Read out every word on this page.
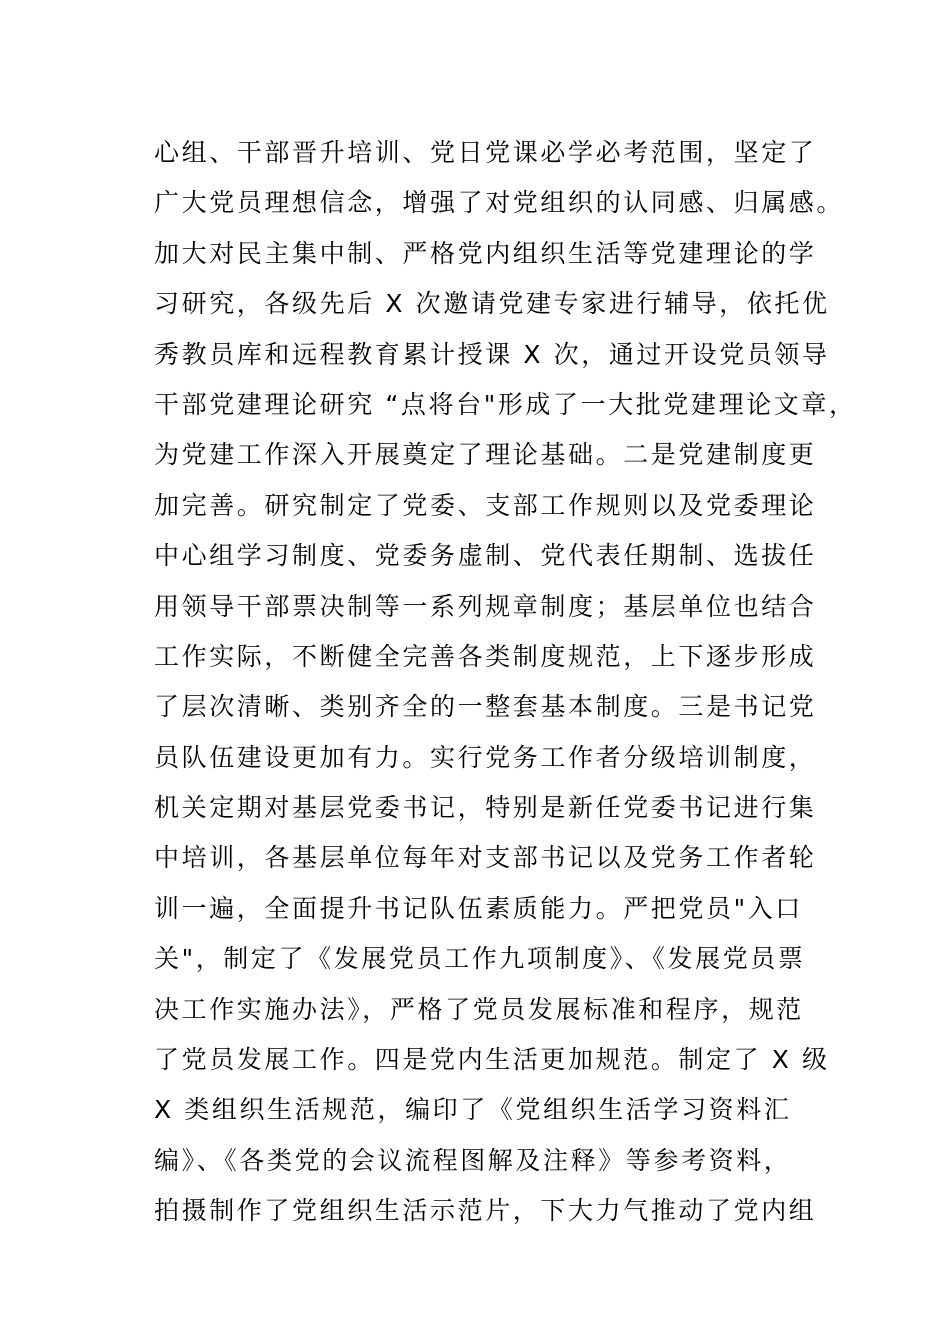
心组、干部晋升培训、党日党课必学必考范围，坚定了
广大党员理想信念，增强了对党组织的认同感、归属感。
加大对民主集中制、严格党内组织生活等党建理论的学
习研究，各级先后 X 次邀请党建专家进行辅导，依托优
秀教员库和远程教育累计授课 X 次，通过开设党员领导
干部党建理论研究 “点将台"形成了一大批党建理论文章，
为党建工作深入开展奠定了理论基础。二是党建制度更
加完善。研究制定了党委、支部工作规则以及党委理论
中心组学习制度、党委务虚制、党代表任期制、选拔任
用领导干部票决制等一系列规章制度；基层单位也结合
工作实际，不断健全完善各类制度规范，上下逐步形成
了层次清晰、类别齐全的一整套基本制度。三是书记党
员队伍建设更加有力。实行党务工作者分级培训制度，
机关定期对基层党委书记，特别是新任党委书记进行集
中培训，各基层单位每年对支部书记以及党务工作者轮
训一遍，全面提升书记队伍素质能力。严把党员"入口
关"，制定了《发展党员工作九项制度》、《发展党员票
决工作实施办法》，严格了党员发展标准和程序，规范
了党员发展工作。四是党内生活更加规范。制定了 X 级
X 类组织生活规范，编印了《党组织生活学习资料汇
编》、《各类党的会议流程图解及注释》等参考资料，
拍摄制作了党组织生活示范片，下大力气推动了党内组
